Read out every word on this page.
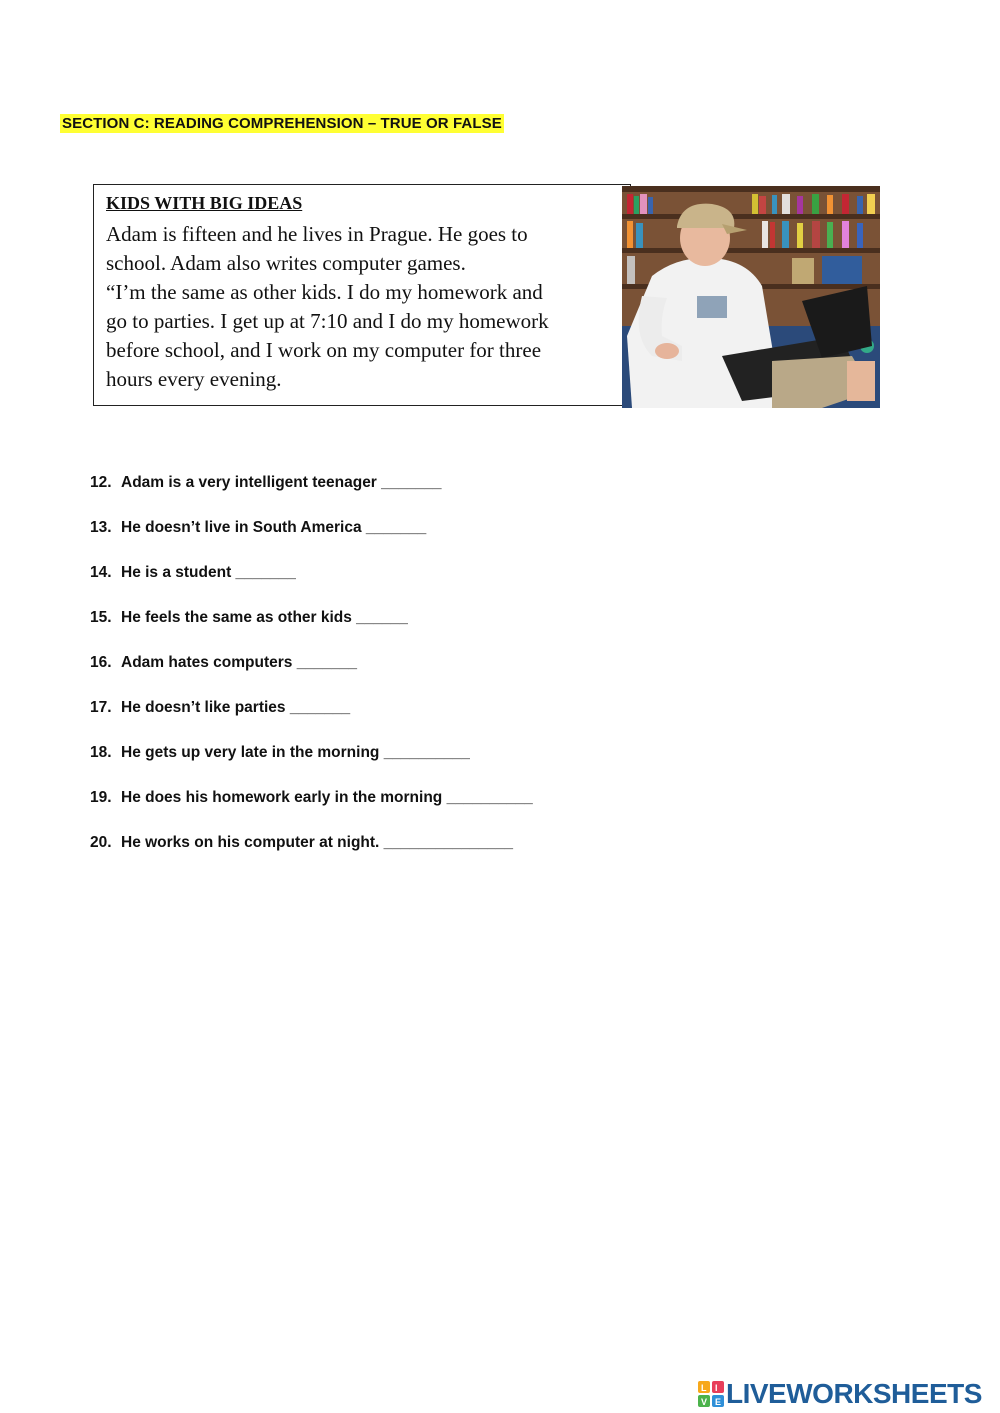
SECTION C: READING COMPREHENSION – TRUE OR FALSE
KIDS WITH BIG IDEAS
Adam is fifteen and he lives in Prague. He goes to
school. Adam also writes computer games.
“I’m the same as other kids. I do my homework and
go to parties. I get up at 7:10 and I do my homework
before school, and I work on my computer for three
hours every evening.
12. Adam is a very intelligent teenager _______
13. He doesn’t live in South America _______
14. He is a student _______
15. He feels the same as other kids ______
16. Adam hates computers _______
17. He doesn’t like parties _______
18. He gets up very late in the morning __________
19. He does his homework early in the morning __________
20. He works on his computer at night. _______________
L I
V E LIVEWORKSHEETS
